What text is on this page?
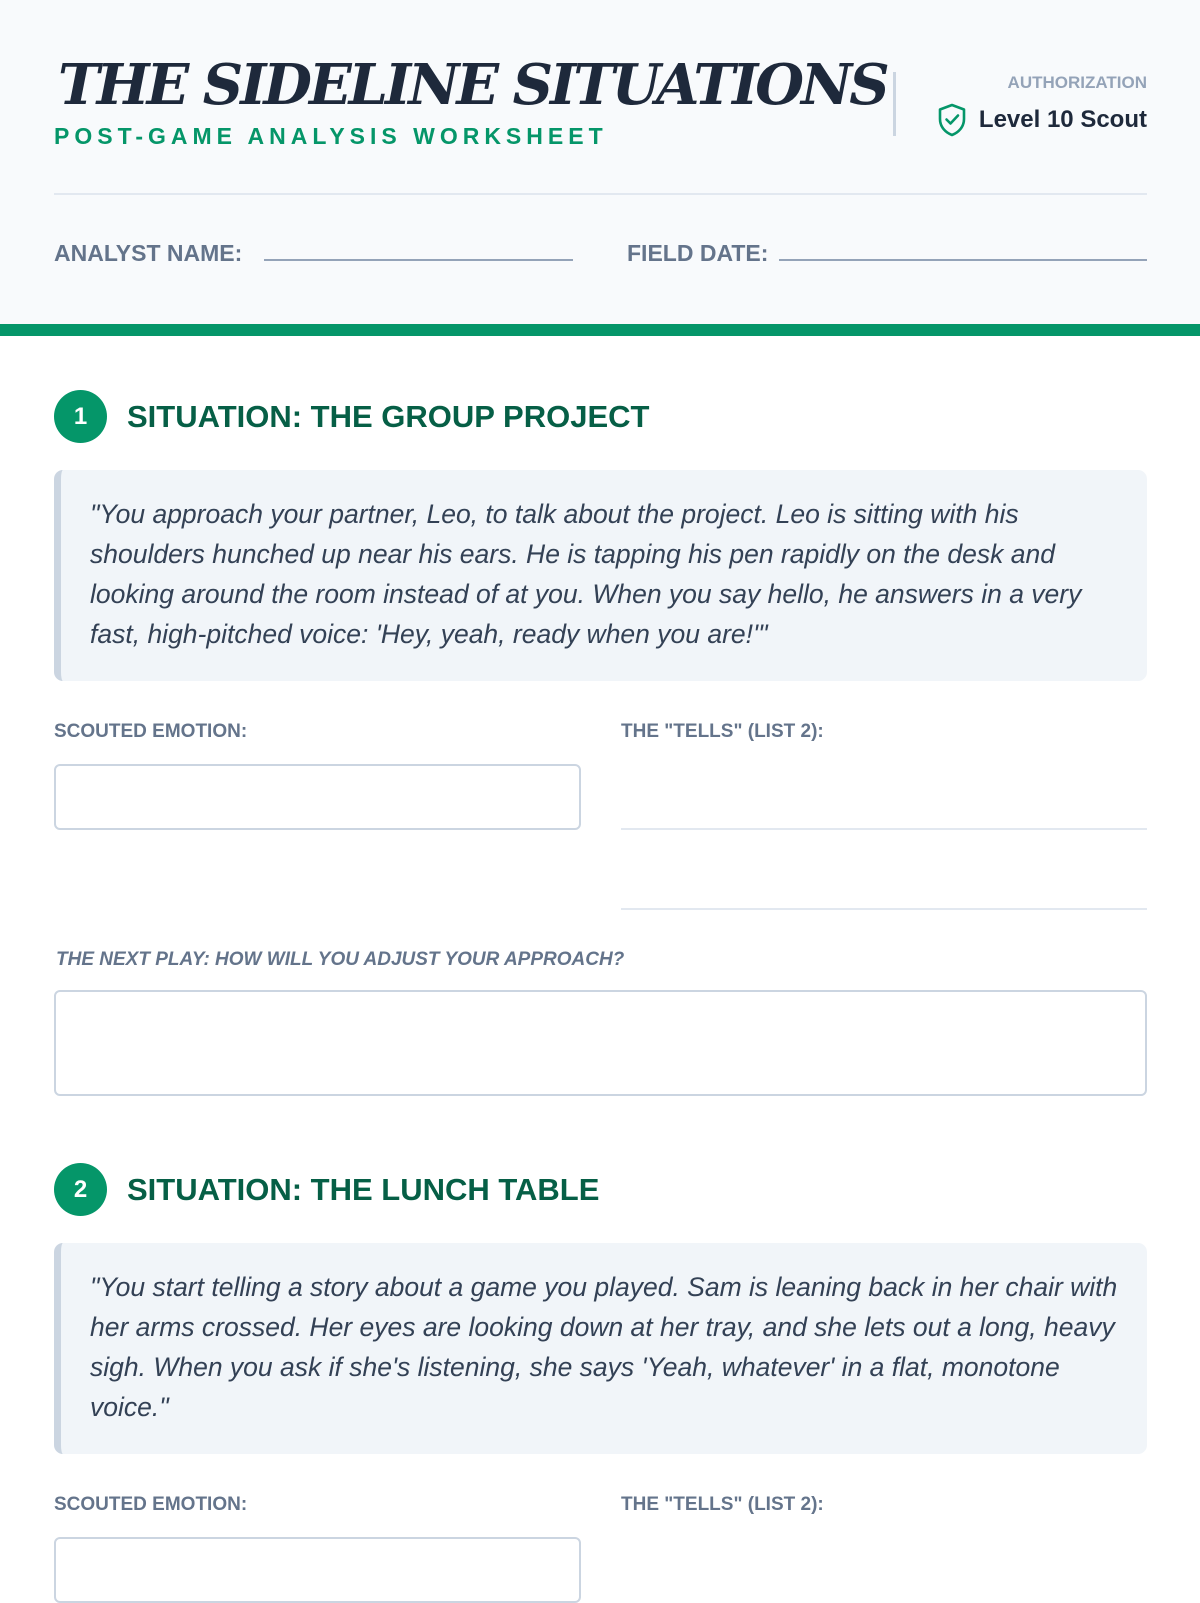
THE SIDELINE SITUATIONS
POST-GAME ANALYSIS WORKSHEET
AUTHORIZATION
Level 10 Scout
ANALYST NAME:	FIELD DATE:
1	SITUATION: THE GROUP PROJECT
"You approach your partner, Leo, to talk about the project. Leo is sitting with his shoulders hunched up near his ears. He is tapping his pen rapidly on the desk and looking around the room instead of at you. When you say hello, he answers in a very fast, high-pitched voice: 'Hey, yeah, ready when you are!'"
SCOUTED EMOTION:	THE "TELLS" (LIST 2):
THE NEXT PLAY: HOW WILL YOU ADJUST YOUR APPROACH?
2	SITUATION: THE LUNCH TABLE
"You start telling a story about a game you played. Sam is leaning back in her chair with her arms crossed. Her eyes are looking down at her tray, and she lets out a long, heavy sigh. When you ask if she's listening, she says 'Yeah, whatever' in a flat, monotone voice."
SCOUTED EMOTION:	THE "TELLS" (LIST 2):
